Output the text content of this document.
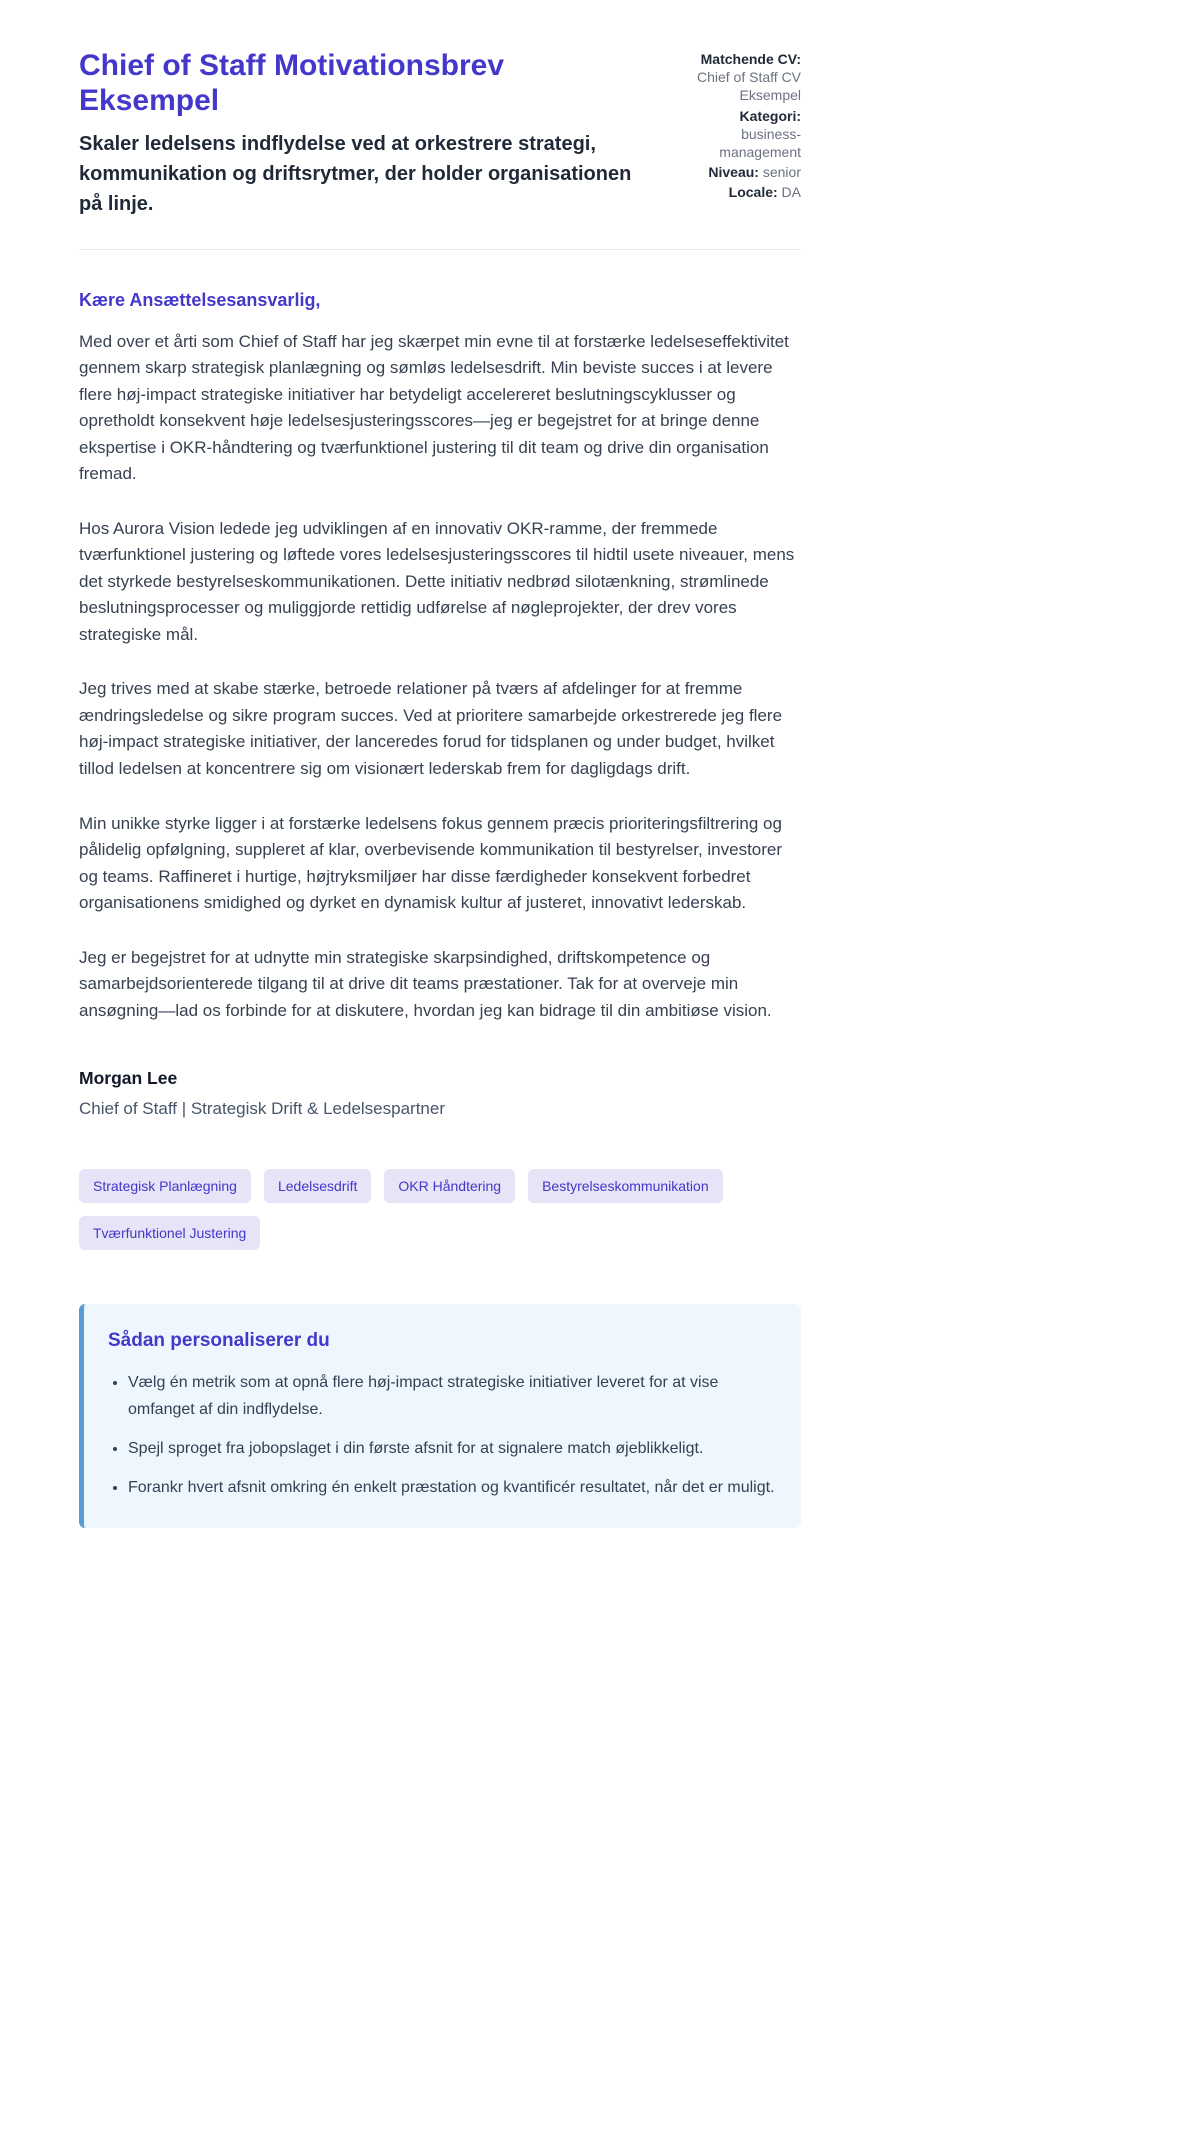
Chief of Staff Motivationsbrev Eksempel

Skaler ledelsens indflydelse ved at orkestrere strategi, kommunikation og driftsrytmer, der holder organisationen på linje.

Matchende CV:
Chief of Staff CV Eksempel
Kategori:
business-management
Niveau: senior
Locale: DA

Kære Ansættelsesansvarlig,

Med over et årti som Chief of Staff har jeg skærpet min evne til at forstærke ledelseseffektivitet gennem skarp strategisk planlægning og sømløs ledelsesdrift. Min beviste succes i at levere flere høj-impact strategiske initiativer har betydeligt accelereret beslutningscyklusser og opretholdt konsekvent høje ledelsesjusteringsscores—jeg er begejstret for at bringe denne ekspertise i OKR-håndtering og tværfunktionel justering til dit team og drive din organisation fremad.

Hos Aurora Vision ledede jeg udviklingen af en innovativ OKR-ramme, der fremmede tværfunktionel justering og løftede vores ledelsesjusteringsscores til hidtil usete niveauer, mens det styrkede bestyrelseskommunikationen. Dette initiativ nedbrød silotænkning, strømlinede beslutningsprocesser og muliggjorde rettidig udførelse af nøgleprojekter, der drev vores strategiske mål.

Jeg trives med at skabe stærke, betroede relationer på tværs af afdelinger for at fremme ændringsledelse og sikre program succes. Ved at prioritere samarbejde orkestrerede jeg flere høj-impact strategiske initiativer, der lanceredes forud for tidsplanen og under budget, hvilket tillod ledelsen at koncentrere sig om visionært lederskab frem for dagligdags drift.

Min unikke styrke ligger i at forstærke ledelsens fokus gennem præcis prioriteringsfiltrering og pålidelig opfølgning, suppleret af klar, overbevisende kommunikation til bestyrelser, investorer og teams. Raffineret i hurtige, højtryksmiljøer har disse færdigheder konsekvent forbedret organisationens smidighed og dyrket en dynamisk kultur af justeret, innovativt lederskab.

Jeg er begejstret for at udnytte min strategiske skarpsindighed, driftskompetence og samarbejdsorienterede tilgang til at drive dit teams præstationer. Tak for at overveje min ansøgning—lad os forbinde for at diskutere, hvordan jeg kan bidrage til din ambitiøse vision.

Morgan Lee

Chief of Staff | Strategisk Drift & Ledelsespartner

Strategisk Planlægning	Ledelsesdrift	OKR Håndtering	Bestyrelseskommunikation
Tværfunktionel Justering
Sådan personaliserer du
• Vælg én metrik som at opnå flere høj-impact strategiske initiativer leveret for at vise omfanget af din indflydelse.
• Spejl sproget fra jobopslaget i din første afsnit for at signalere match øjeblikkeligt.
• Forankr hvert afsnit omkring én enkelt præstation og kvantificér resultatet, når det er muligt.
